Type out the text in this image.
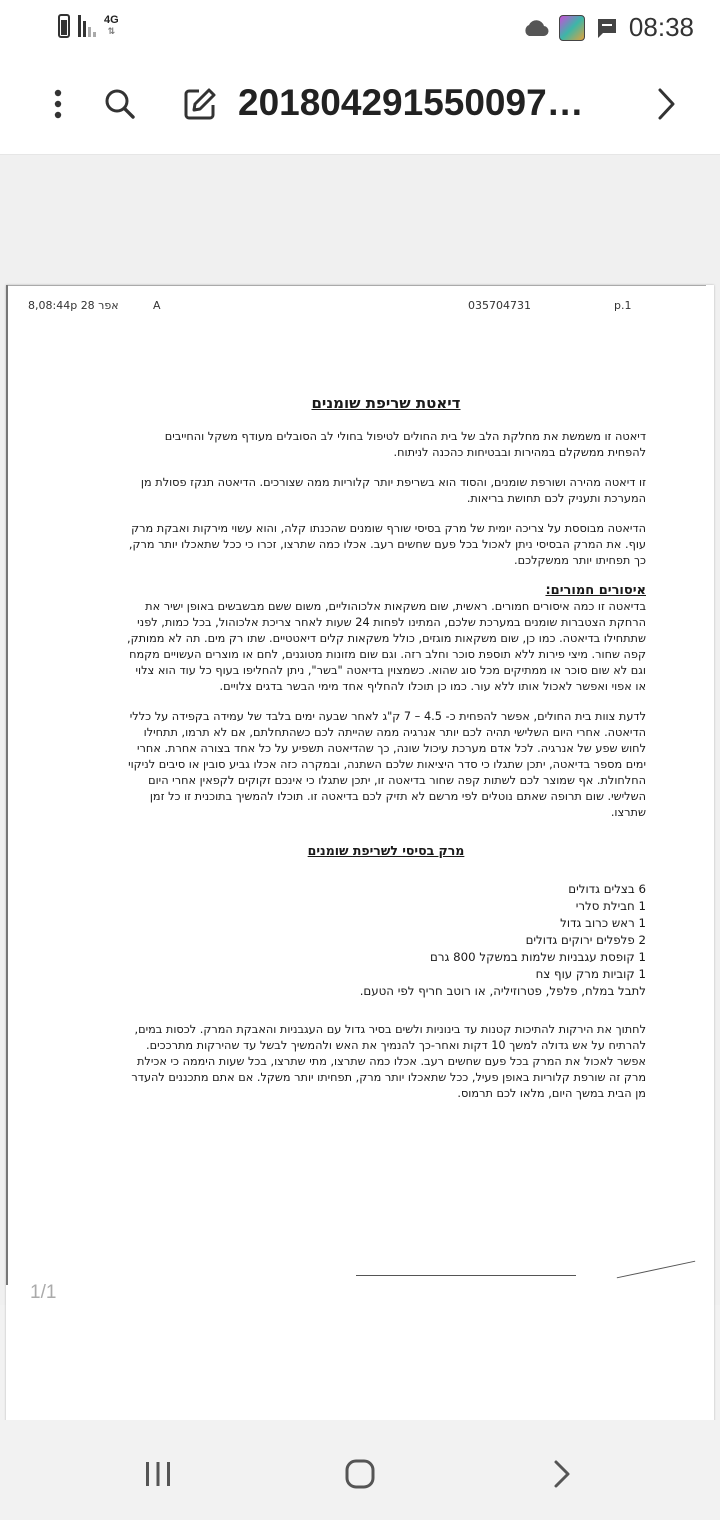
4G
⇅	08:38
201804291550097…
8,08:44p אפר 28	A	035704731	p.1
דיאטת שריפת שומנים

דיאטה זו משמשת את מחלקת הלב של בית החולים לטיפול בחולי לב הסובלים מעודף משקל והחייבים להפחית ממשקלם במהירות ובבטיחות כהכנה לניתוח.

זו דיאטה מהירה ושורפת שומנים, והסוד הוא בשריפת יותר קלוריות ממה שצורכים. הדיאטה תנקז פסולת מן המערכת ותעניק לכם תחושת בריאות.

הדיאטה מבוססת על צריכה יומית של מרק בסיסי שורף שומנים שהכנתו קלה, והוא עשוי מירקות ואבקת מרק עוף. את המרק הבסיסי ניתן לאכול בכל פעם שחשים רעב. אכלו כמה שתרצו, זכרו כי ככל שתאכלו יותר מרק, כך תפחיתו יותר ממשקלכם.

איסורים חמורים:

בדיאטה זו כמה איסורים חמורים. ראשית, שום משקאות אלכוהוליים, משום ששם מבשבשים באופן ישיר את הרחקת הצטברות שומנים במערכת שלכם, המתינו לפחות 24 שעות לאחר צריכת אלכוהול, בכל כמות, לפני שתתחילו בדיאטה. כמו כן, שום משקאות מוגזים, כולל משקאות קלים דיאטטיים. שתו רק מים. תה לא ממותק, קפה שחור. מיצי פירות ללא תוספת סוכר וחלב רזה. וגם שום מזונות מטוגנים, לחם או מוצרים העשויים מקמח וגם לא שום סוכר או ממתיקים מכל סוג שהוא. כשמצוין בדיאטה "בשר", ניתן להחליפו בעוף כל עוד הוא צלוי או אפוי ואפשר לאכול אותו ללא עור. כמו כן תוכלו להחליף אחד מימי הבשר בדגים צלויים.

לדעת צוות בית החולים, אפשר להפחית כ- 4.5 – 7 ק"ג לאחר שבעה ימים בלבד של עמידה בקפידה על כללי הדיאטה. אחרי היום השלישי תהיה לכם יותר אנרגיה ממה שהייתה לכם כשהתחלתם, אם לא תרמו, תתחילו לחוש שפע של אנרגיה. לכל אדם מערכת עיכול שונה, כך שהדיאטה תשפיע על כל אחד בצורה אחרת. אחרי ימים מספר בדיאטה, יתכן שתגלו כי סדר היציאות שלכם השתנה, ובמקרה כזה אכלו גביע סובין או סיבים לניקוי החלחולת. אף שמוצר לכם לשתות קפה שחור בדיאטה זו, יתכן שתגלו כי אינכם זקוקים לקפאין אחרי היום השלישי. שום תרופה שאתם נוטלים לפי מרשם לא תזיק לכם בדיאטה זו. תוכלו להמשיך בתוכנית זו כל זמן שתרצו.

מרק בסיסי לשריפת שומנים
6 בצלים גדולים
1 חבילת סלרי
1 ראש כרוב גדול
2 פלפלים ירוקים גדולים
1 קופסת עגבניות שלמות במשקל 800 גרם
1 קוביות מרק עוף צח
לתבל במלח, פלפל, פטרוזיליה, או רוטב חריף לפי הטעם.

לחתוך את הירקות להתיכות קטנות עד בינוניות ולשים בסיר גדול עם העגבניות והאבקת המרק. לכסות במים, להרתיח על אש גדולה למשך 10 דקות ואחר-כך להנמיך את האש ולהמשיך לבשל עד שהירקות מתרככים. אפשר לאכול את המרק בכל פעם שחשים רעב. אכלו כמה שתרצו, מתי שתרצו, בכל שעות היממה כי אכילת מרק זה שורפת קלוריות באופן פעיל, ככל שתאכלו יותר מרק, תפחיתו יותר משקל. אם אתם מתכננים להעדר מן הבית במשך היום, מלאו לכם תרמוס.

1/1
